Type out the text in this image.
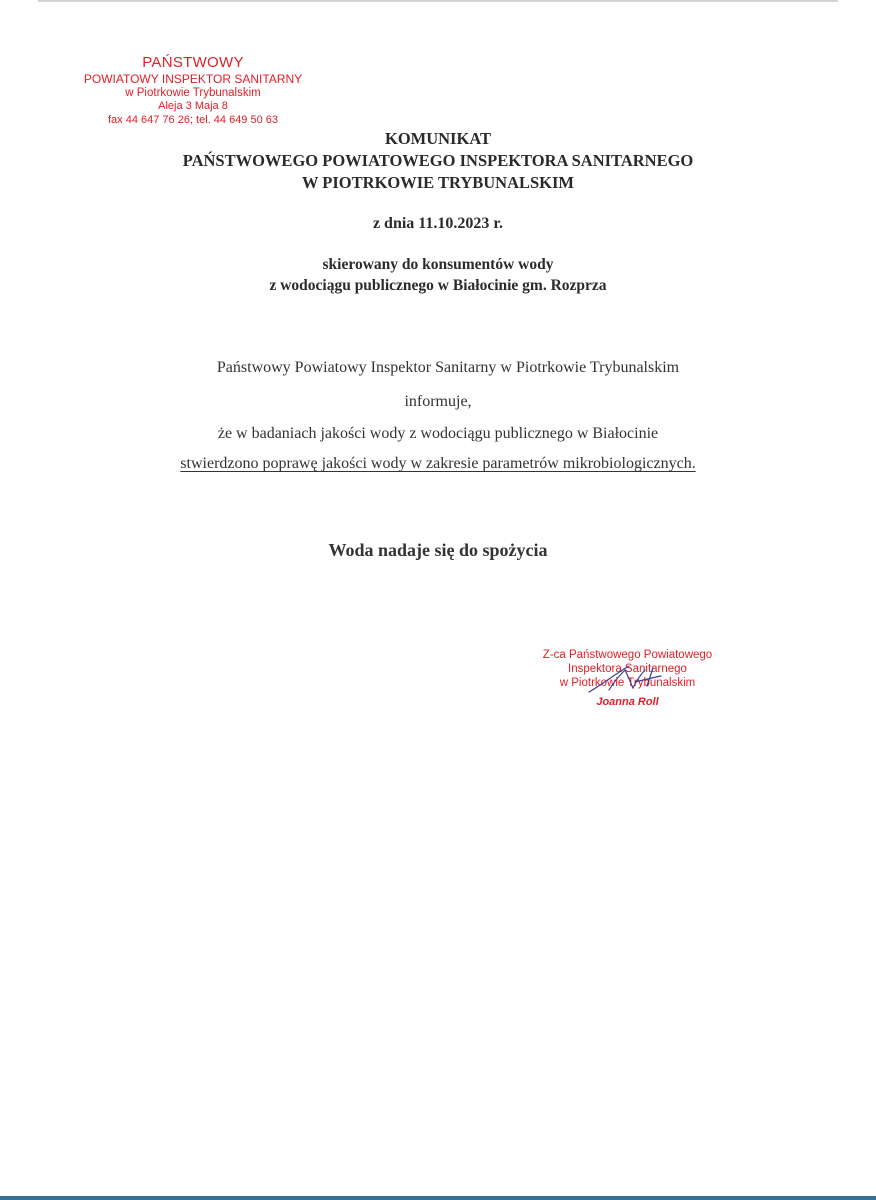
PAŃSTWOWY
POWIATOWY INSPEKTOR SANITARNY
w Piotrkowie Trybunalskim
Aleja 3 Maja 8
fax 44 647 76 26; tel. 44 649 50 63
KOMUNIKAT
PAŃSTWOWEGO POWIATOWEGO INSPEKTORA SANITARNEGO
W PIOTRKOWIE TRYBUNALSKIM
z dnia 11.10.2023 r.
skierowany do konsumentów wody
z wodociągu publicznego w Białocinie gm. Rozprza
Państwowy Powiatowy Inspektor Sanitarny w Piotrkowie Trybunalskim
informuje,
że w badaniach jakości wody z wodociągu publicznego w Białocinie
stwierdzono poprawę jakości wody w zakresie parametrów mikrobiologicznych.
Woda nadaje się do spożycia
Z-ca Państwowego Powiatowego
Inspektora Sanitarnego
w Piotrkowie Trybunalskim
Joanna Roll
